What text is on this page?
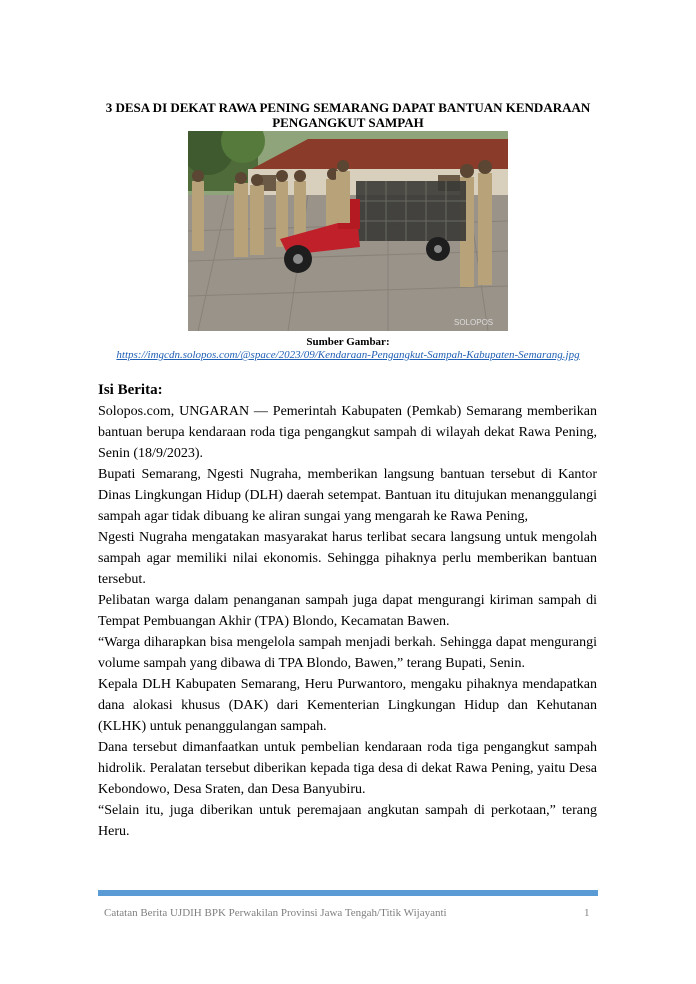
3 DESA DI DEKAT RAWA PENING SEMARANG DAPAT BANTUAN KENDARAAN PENGANGKUT SAMPAH
SOLOPOS
Sumber Gambar:
https://imgcdn.solopos.com/@space/2023/09/Kendaraan-Pengangkut-Sampah-Kabupaten-Semarang.jpg
Isi Berita:

Solopos.com, UNGARAN — Pemerintah Kabupaten (Pemkab) Semarang memberikan bantuan berupa kendaraan roda tiga pengangkut sampah di wilayah dekat Rawa Pening, Senin (18/9/2023).

Bupati Semarang, Ngesti Nugraha, memberikan langsung bantuan tersebut di Kantor Dinas Lingkungan Hidup (DLH) daerah setempat. Bantuan itu ditujukan menanggulangi sampah agar tidak dibuang ke aliran sungai yang mengarah ke Rawa Pening,

Ngesti Nugraha mengatakan masyarakat harus terlibat secara langsung untuk mengolah sampah agar memiliki nilai ekonomis. Sehingga pihaknya perlu memberikan bantuan tersebut.

Pelibatan warga dalam penanganan sampah juga dapat mengurangi kiriman sampah di Tempat Pembuangan Akhir (TPA) Blondo, Kecamatan Bawen.

“Warga diharapkan bisa mengelola sampah menjadi berkah. Sehingga dapat mengurangi volume sampah yang dibawa di TPA Blondo, Bawen,” terang Bupati, Senin.

Kepala DLH Kabupaten Semarang, Heru Purwantoro, mengaku pihaknya mendapatkan dana alokasi khusus (DAK) dari Kementerian Lingkungan Hidup dan Kehutanan (KLHK) untuk penanggulangan sampah.

Dana tersebut dimanfaatkan untuk pembelian kendaraan roda tiga pengangkut sampah hidrolik. Peralatan tersebut diberikan kepada tiga desa di dekat Rawa Pening, yaitu Desa Kebondowo, Desa Sraten, dan Desa Banyubiru.

“Selain itu, juga diberikan untuk peremajaan angkutan sampah di perkotaan,” terang Heru.

Catatan Berita UJDIH BPK Perwakilan Provinsi Jawa Tengah/Titik Wijayanti	1
